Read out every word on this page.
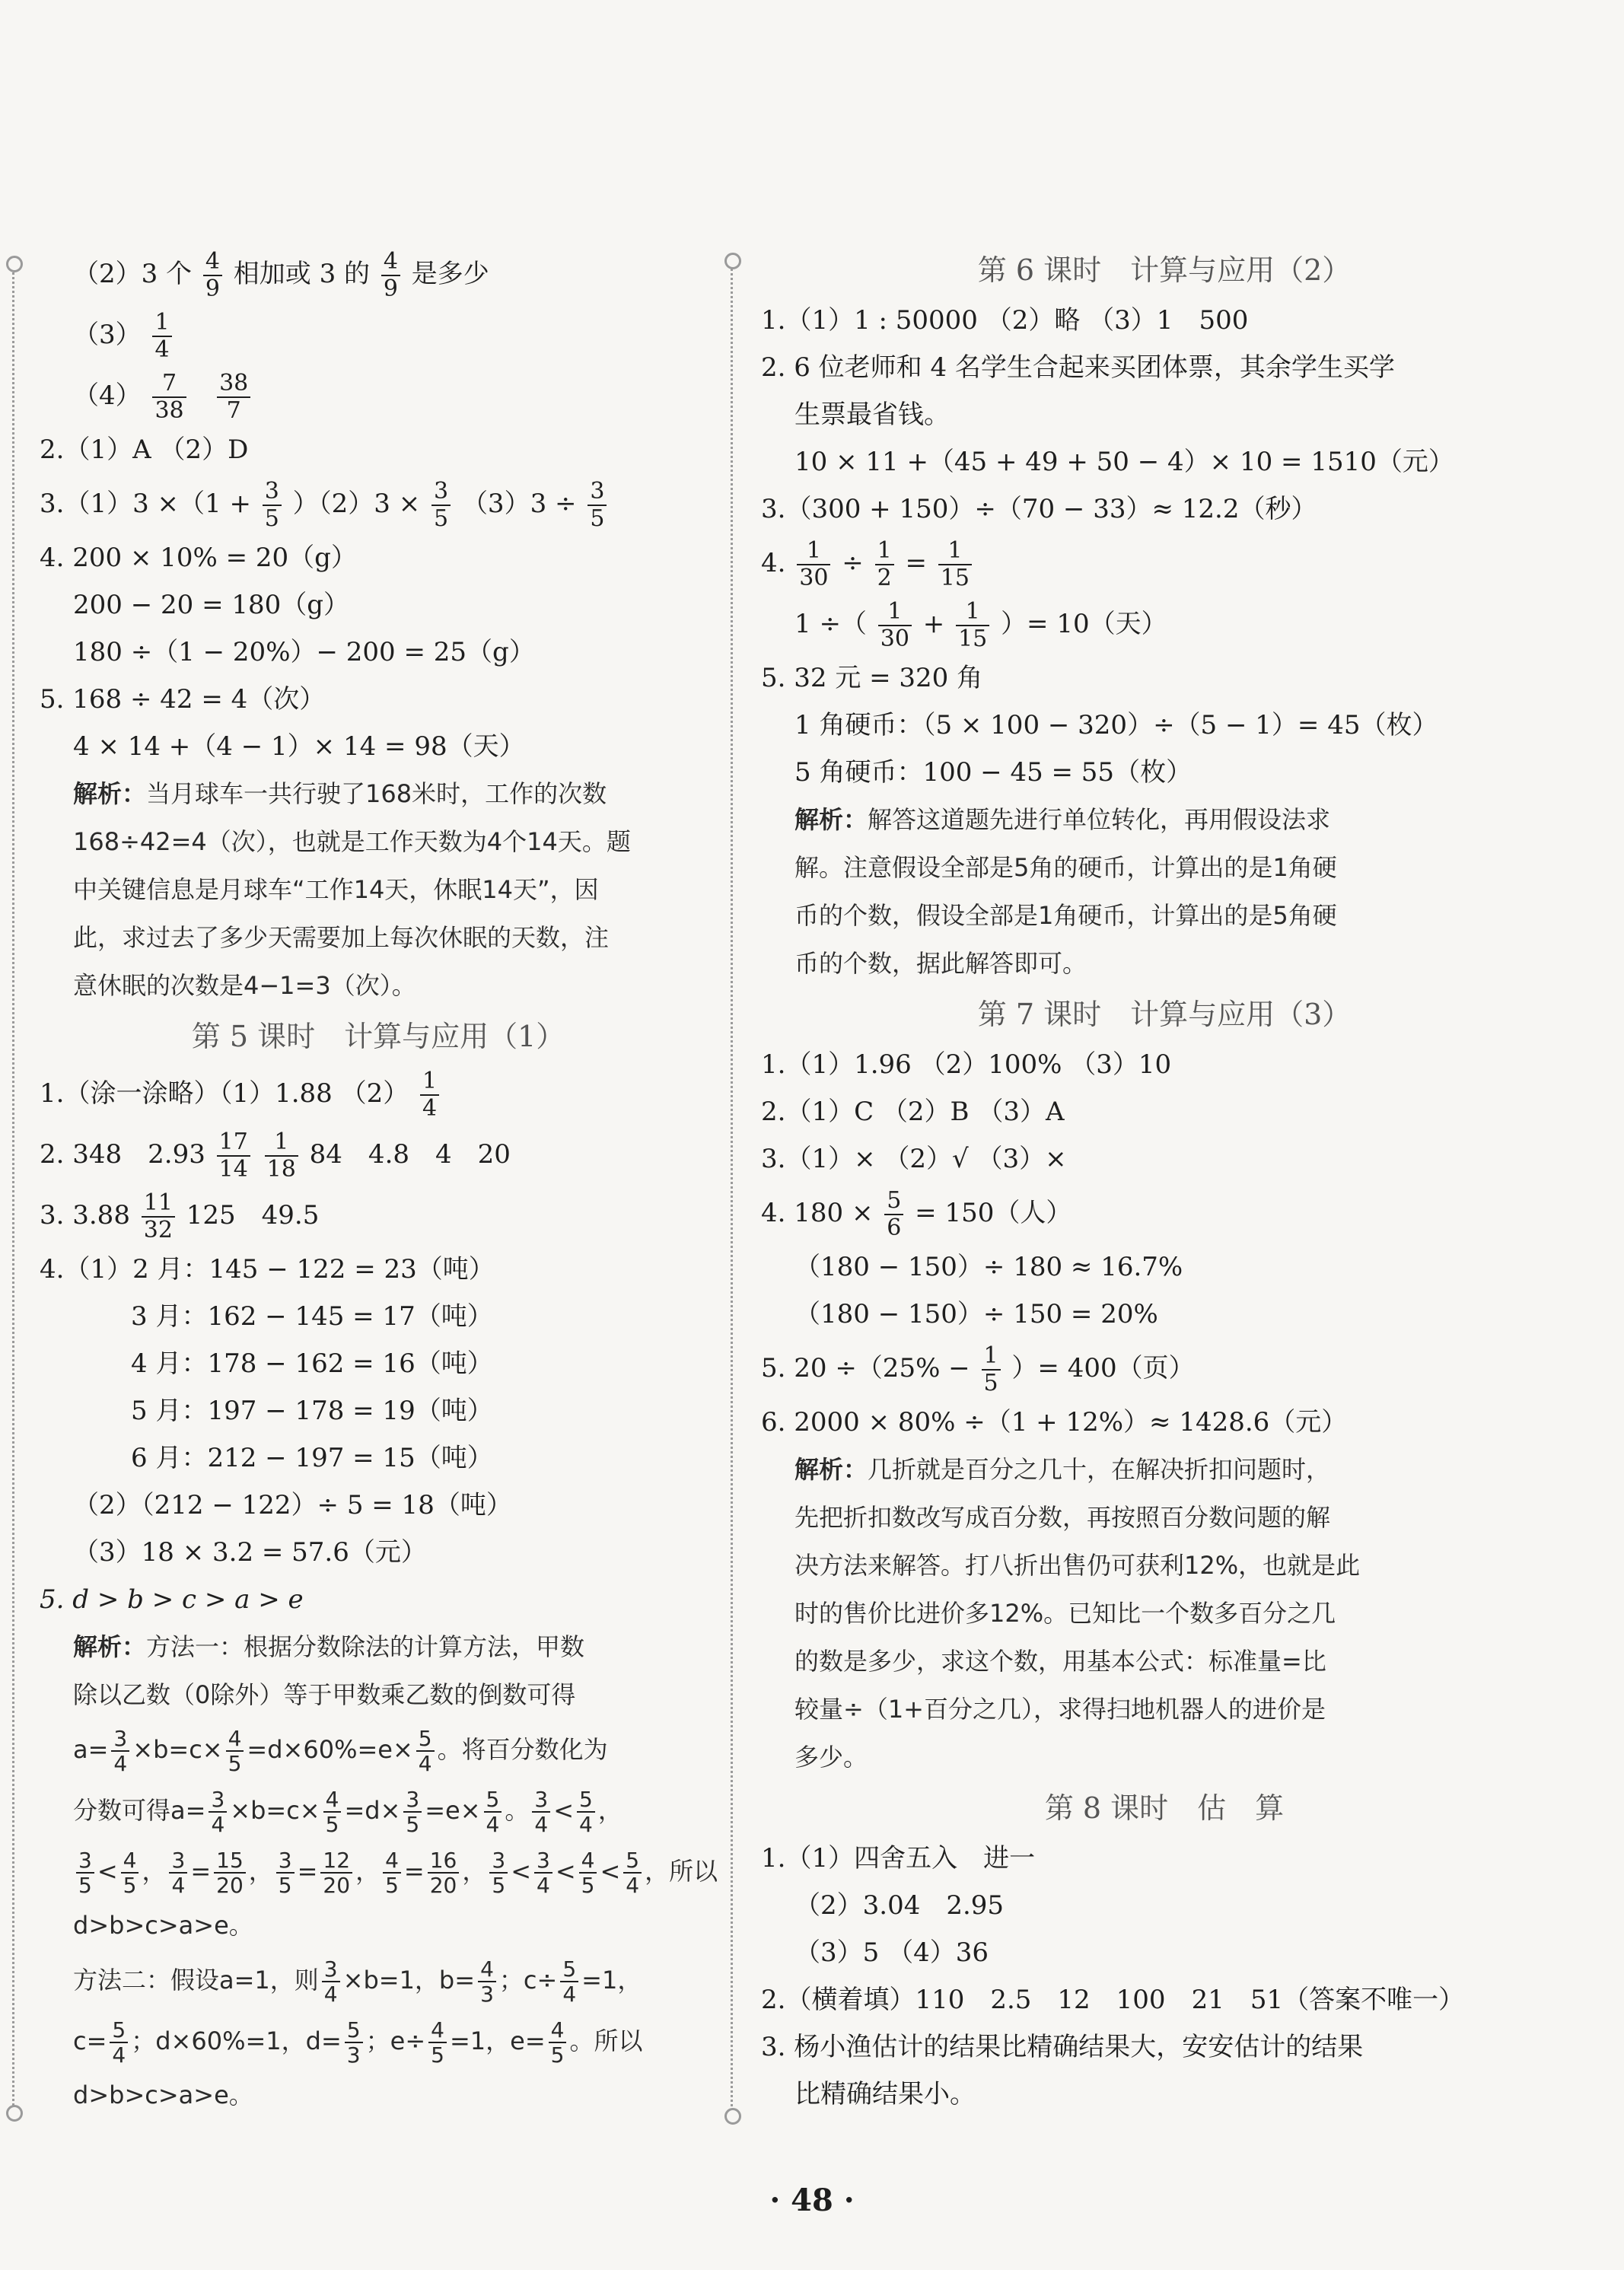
（2）3 个 $\frac{4}{9}$ 相加或 3 的 $\frac{4}{9}$ 是多少
$(3) \frac{1}{4}$
$(4) \frac{7}{38}$
$\frac{38}{7}$
2.（1）A （2）D
$3.(1)3 \times(1 + \frac{3}{5} )(2)3 \times \frac{3}{5} (3)3 \div \frac{3}{5}$
4. 200 × 10% = 20（g）
200 − 20 = 180（g）
180 ÷（1 − 20%）− 200 = 25（g）
5. 168 ÷ 42 = 4（次）
4 × 14 +（4 − 1）× 14 = 98（天）
解析：当月球车一共行驶了168米时，工作的次数
168÷42=4（次），也就是工作天数为4个14天。题
中关键信息是月球车“工作14天，休眠14天”，因
此，求过去了多少天需要加上每次休眠的天数，注
意休眠的次数是4−1=3（次）。
第 5 课时　计算与应用（1）
1.（涂一涂略）（1）1.88 $(2) \frac{1}{4}$
2. 348　$2.93 \frac{17}{14}$
$\frac{1}{18} 84$　4.8　4　20
3. $3.88 \frac{11}{32} 125$　49.5
4.（1）2 月：145 − 122 = 23（吨）
3 月：162 − 145 = 17（吨）
4 月：178 − 162 = 16（吨）
5 月：197 − 178 = 19（吨）
6 月：212 − 197 = 15（吨）
（2）（212 − 122）÷ 5 = 18（吨）
（3）18 × 3.2 = 57.6（元）
5. d > b > c > a > e
解析：方法一：根据分数除法的计算方法，甲数
除以乙数（0除外）等于甲数乘乙数的倒数可得
$a= \frac{3}{4} \times b=c\times \frac{4}{5} =d\times 60\%=e\times \frac{5}{4}$ 。将百分数化为
分数可得$a= \frac{3}{4} \times b=c\times \frac{4}{5} =d\times \frac{3}{5} =e\times \frac{5}{4}$ 。 $\frac{3}{4} < \frac{5}{4}$ ，
$\frac{3}{5} < \frac{4}{5}$ ， $\frac{3}{4} = \frac{15}{20}$ ， $\frac{3}{5} = \frac{12}{20}$ ， $\frac{4}{5} = \frac{16}{20}$ ， $\frac{3}{5} < \frac{3}{4} < \frac{4}{5} < \frac{5}{4}$ ，所以
d>b>c>a>e。
方法二：假设a=1，则 $\frac{3}{4} \times b=1$，$b= \frac{4}{3}$ ；$c\div \frac{5}{4} =1$，
$c= \frac{5}{4}$ ；d×60%=1，$d= \frac{5}{3}$ ；$e\div \frac{4}{5} =1$，$e= \frac{4}{5}$ 。所以
d>b>c>a>e。
第 6 课时　计算与应用（2）
1.（1）1 : 50000 （2）略 （3）1　500
2. 6 位老师和 4 名学生合起来买团体票，其余学生买学
生票最省钱。
10 × 11 +（45 + 49 + 50 − 4）× 10 = 1510（元）
3.（300 + 150）÷（70 − 33）≈ 12.2（秒）
4. $\frac{1}{30} \div \frac{1}{2} = \frac{1}{15}$
1 ÷（ $\frac{1}{30} + \frac{1}{15}$ ）= 10（天）
5. 32 元 = 320 角
1 角硬币：（5 × 100 − 320）÷（5 − 1）= 45（枚）
5 角硬币：100 − 45 = 55（枚）
解析：解答这道题先进行单位转化，再用假设法求
解。注意假设全部是5角的硬币，计算出的是1角硬
币的个数，假设全部是1角硬币，计算出的是5角硬
币的个数，据此解答即可。
第 7 课时　计算与应用（3）
1.（1）1.96 （2）100% （3）10
2.（1）C （2）B （3）A
3.（1）× （2）√ （3）×
4. $180 \times \frac{5}{6} = 150$（人）
（180 − 150）÷ 180 ≈ 16.7%
（180 − 150）÷ 150 = 20%
5. $20 \div(25\% - \frac{1}{5}$ ）= 400（页）
6. 2000 × 80% ÷（1 + 12%）≈ 1428.6（元）
解析：几折就是百分之几十，在解决折扣问题时，
先把折扣数改写成百分数，再按照百分数问题的解
决方法来解答。打八折出售仍可获利12%，也就是此
时的售价比进价多12%。已知比一个数多百分之几
的数是多少，求这个数，用基本公式：标准量=比
较量÷（1+百分之几），求得扫地机器人的进价是
多少。
第 8 课时　估　算
1.（1）四舍五入　进一
（2）3.04　2.95
（3）5 （4）36
2.（横着填）110　2.5　12　100　21　51（答案不唯一）
3. 杨小渔估计的结果比精确结果大，安安估计的结果
比精确结果小。
· 48 ·
